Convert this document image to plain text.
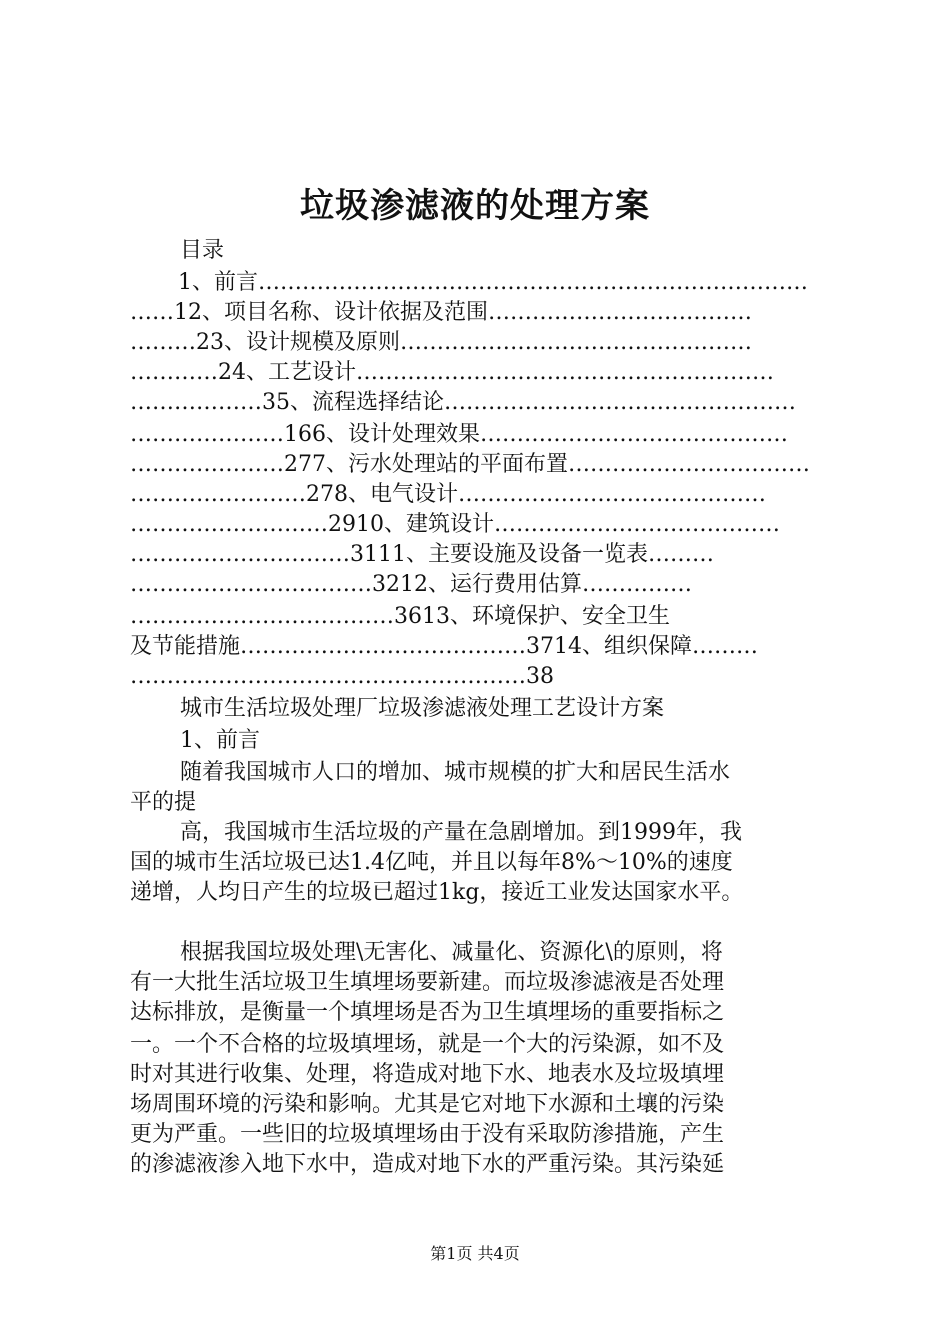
垃圾渗滤液的处理方案
目录
1、前言…………………………………………………………………
……12、项目名称、设计依据及范围………………………………
………23、设计规模及原则…………………………………………
…………24、工艺设计…………………………………………………
………………35、流程选择结论…………………………………………
…………………166、设计处理效果……………………………………
…………………277、污水处理站的平面布置……………………………
……………………278、电气设计……………………………………
………………………2910、建筑设计…………………………………
…………………………3111、主要设施及设备一览表………
……………………………3212、运行费用估算……………
………………………………3613、环境保护、安全卫生
及节能措施…………………………………3714、组织保障………
………………………………………………38
城市生活垃圾处理厂垃圾渗滤液处理工艺设计方案
1、前言
随着我国城市人口的增加、城市规模的扩大和居民生活水
平的提
高，我国城市生活垃圾的产量在急剧增加。到1999年，我
国的城市生活垃圾已达1.4亿吨，并且以每年8%～10%的速度
递增，人均日产生的垃圾已超过1kg，接近工业发达国家水平。
根据我国垃圾处理\无害化、减量化、资源化\的原则，将
有一大批生活垃圾卫生填埋场要新建。而垃圾渗滤液是否处理
达标排放，是衡量一个填埋场是否为卫生填埋场的重要指标之
一。一个不合格的垃圾填埋场，就是一个大的污染源，如不及
时对其进行收集、处理，将造成对地下水、地表水及垃圾填埋
场周围环境的污染和影响。尤其是它对地下水源和土壤的污染
更为严重。一些旧的垃圾填埋场由于没有采取防渗措施，产生
的渗滤液渗入地下水中，造成对地下水的严重污染。其污染延
第1页 共4页
